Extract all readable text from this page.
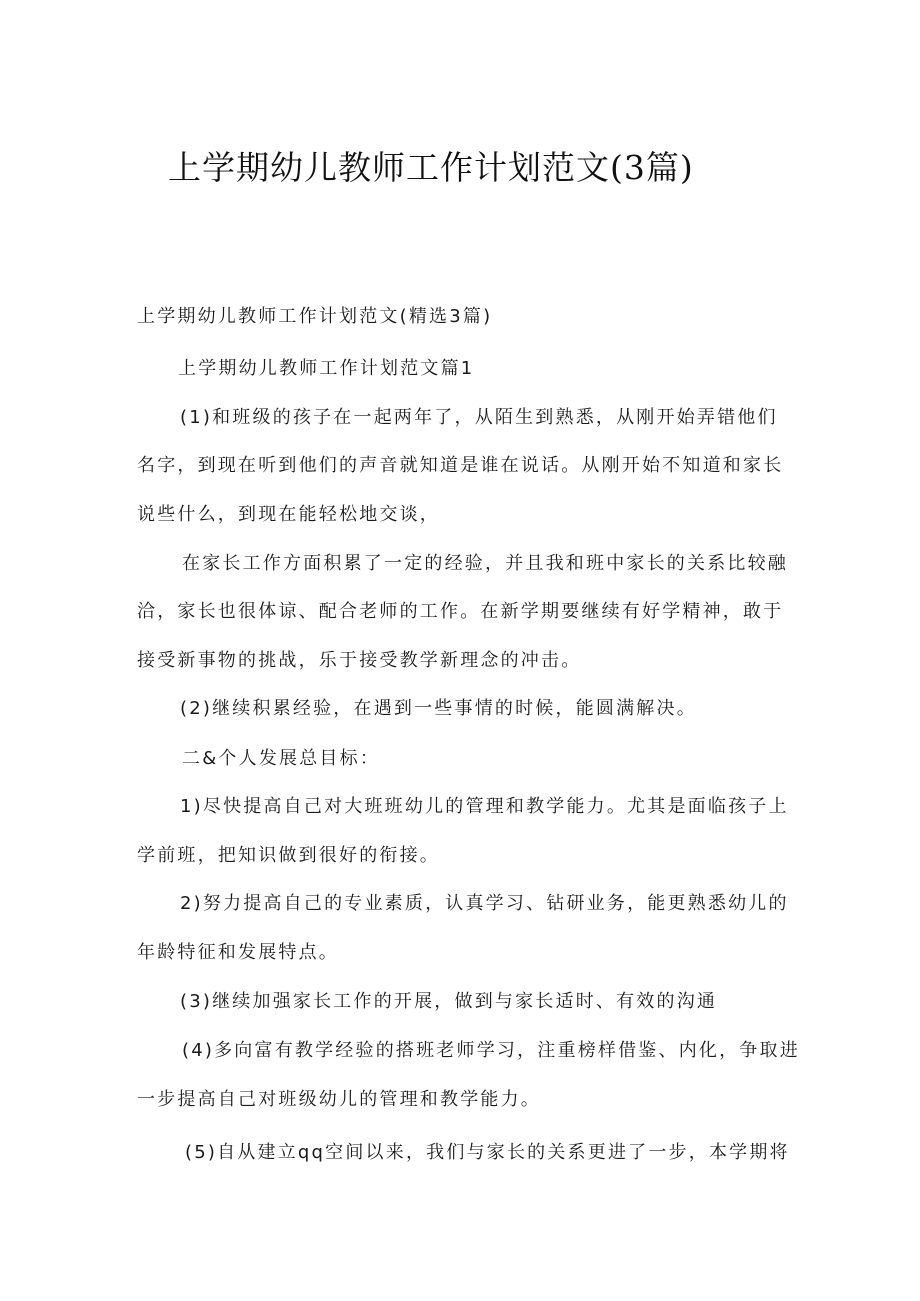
上学期幼儿教师工作计划范文(3篇)
上学期幼儿教师工作计划范文(精选3篇)
上学期幼儿教师工作计划范文篇1
(1)和班级的孩子在一起两年了，从陌生到熟悉，从刚开始弄错他们
名字，到现在听到他们的声音就知道是谁在说话。从刚开始不知道和家长
说些什么，到现在能轻松地交谈，
在家长工作方面积累了一定的经验，并且我和班中家长的关系比较融
洽，家长也很体谅、配合老师的工作。在新学期要继续有好学精神，敢于
接受新事物的挑战，乐于接受教学新理念的冲击。
(2)继续积累经验，在遇到一些事情的时候，能圆满解决。
二&个人发展总目标：
1)尽快提高自己对大班班幼儿的管理和教学能力。尤其是面临孩子上
学前班，把知识做到很好的衔接。
2)努力提高自己的专业素质，认真学习、钻研业务，能更熟悉幼儿的
年龄特征和发展特点。
(3)继续加强家长工作的开展，做到与家长适时、有效的沟通
(4)多向富有教学经验的搭班老师学习，注重榜样借鉴、内化，争取进
一步提高自己对班级幼儿的管理和教学能力。
(5)自从建立qq空间以来，我们与家长的关系更进了一步，本学期将
